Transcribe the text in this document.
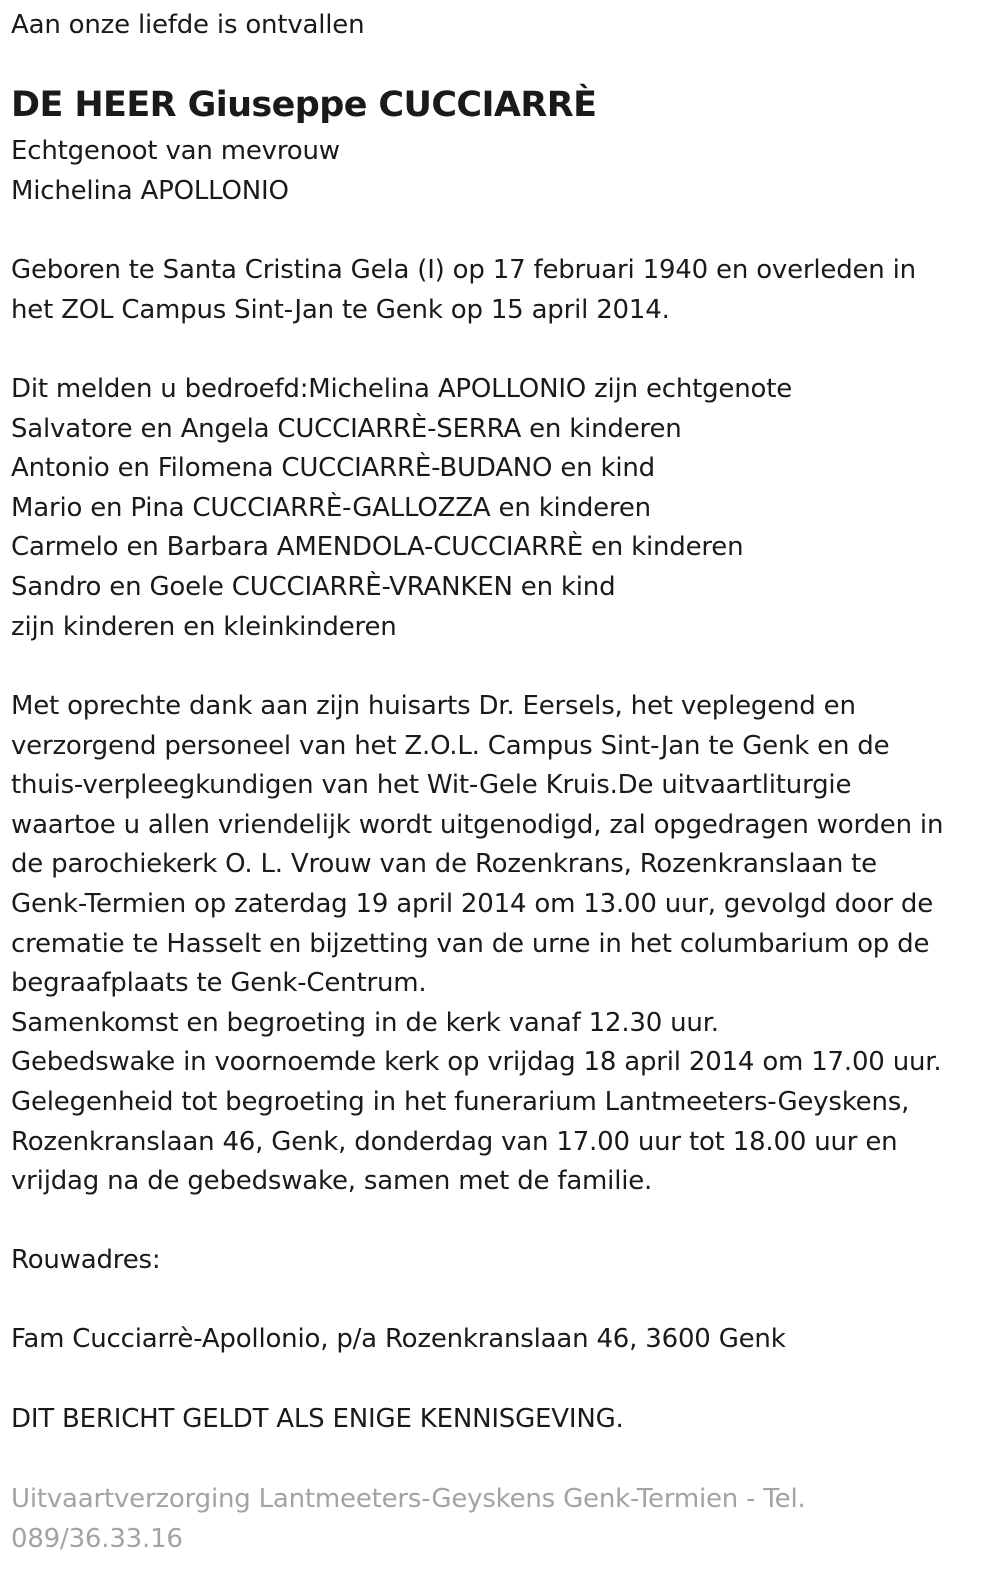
Aan onze liefde is ontvallen
DE HEER Giuseppe CUCCIARRÈ
Echtgenoot van mevrouw
Michelina APOLLONIO
Geboren te Santa Cristina Gela (I) op 17 februari 1940 en overleden in
het ZOL Campus Sint-Jan te Genk op 15 april 2014.
Dit melden u bedroefd:Michelina APOLLONIO zijn echtgenote
Salvatore en Angela CUCCIARRÈ-SERRA en kinderen
Antonio en Filomena CUCCIARRÈ-BUDANO en kind
Mario en Pina CUCCIARRÈ-GALLOZZA en kinderen
Carmelo en Barbara AMENDOLA-CUCCIARRÈ en kinderen
Sandro en Goele CUCCIARRÈ-VRANKEN en kind
zijn kinderen en kleinkinderen
Met oprechte dank aan zijn huisarts Dr. Eersels, het veplegend en
verzorgend personeel van het Z.O.L. Campus Sint-Jan te Genk en de
thuis-verpleegkundigen van het Wit-Gele Kruis.De uitvaartliturgie
waartoe u allen vriendelijk wordt uitgenodigd, zal opgedragen worden in
de parochiekerk O. L. Vrouw van de Rozenkrans, Rozenkranslaan te
Genk-Termien op zaterdag 19 april 2014 om 13.00 uur, gevolgd door de
crematie te Hasselt en bijzetting van de urne in het columbarium op de
begraafplaats te Genk-Centrum.
Samenkomst en begroeting in de kerk vanaf 12.30 uur.
Gebedswake in voornoemde kerk op vrijdag 18 april 2014 om 17.00 uur.
Gelegenheid tot begroeting in het funerarium Lantmeeters-Geyskens,
Rozenkranslaan 46, Genk, donderdag van 17.00 uur tot 18.00 uur en
vrijdag na de gebedswake, samen met de familie.
Rouwadres:
Fam Cucciarrè-Apollonio, p/a Rozenkranslaan 46, 3600 Genk
DIT BERICHT GELDT ALS ENIGE KENNISGEVING.
Uitvaartverzorging Lantmeeters-Geyskens Genk-Termien - Tel.
089/36.33.16
